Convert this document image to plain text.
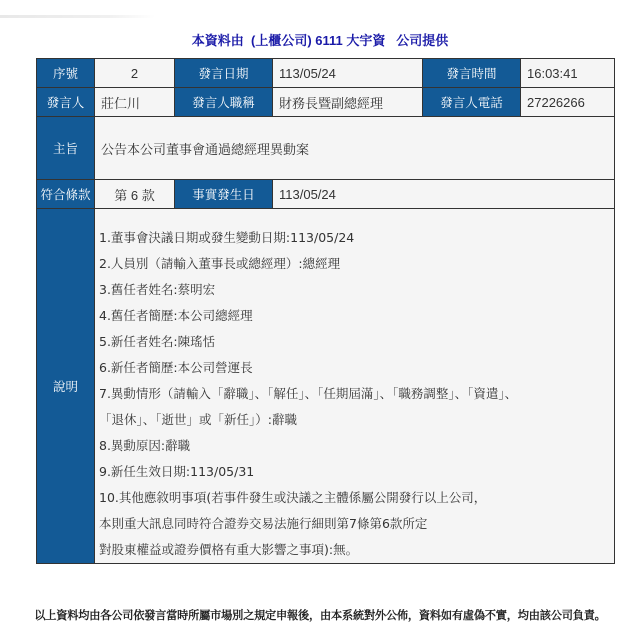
本資料由  (上櫃公司) 6111 大宇資   公司提供
序號	2	發言日期	113/05/24	發言時間	16:03:41
發言人	莊仁川	發言人職稱	財務長暨副總經理	發言人電話	27226266
主旨	公告本公司董事會通過總經理異動案				
符合條款	第 6 款	事實發生日	113/05/24		
說明	
1.董事會決議日期或發生變動日期:113/05/24
2.人員別（請輸入董事長或總經理）:總經理
3.舊任者姓名:蔡明宏
4.舊任者簡歷:本公司總經理
5.新任者姓名:陳瑤恬
6.新任者簡歷:本公司營運長
7.異動情形（請輸入「辭職」、「解任」、「任期屆滿」、「職務調整」、「資遣」、
「退休」、「逝世」或「新任」）:辭職
8.異動原因:辭職
9.新任生效日期:113/05/31
10.其他應敘明事項(若事件發生或決議之主體係屬公開發行以上公司，
本則重大訊息同時符合證券交易法施行細則第7條第6款所定
對股東權益或證券價格有重大影響之事項):無。
以上資料均由各公司依發言當時所屬市場別之規定申報後，由本系統對外公佈，資料如有虛偽不實，均由該公司負責。
